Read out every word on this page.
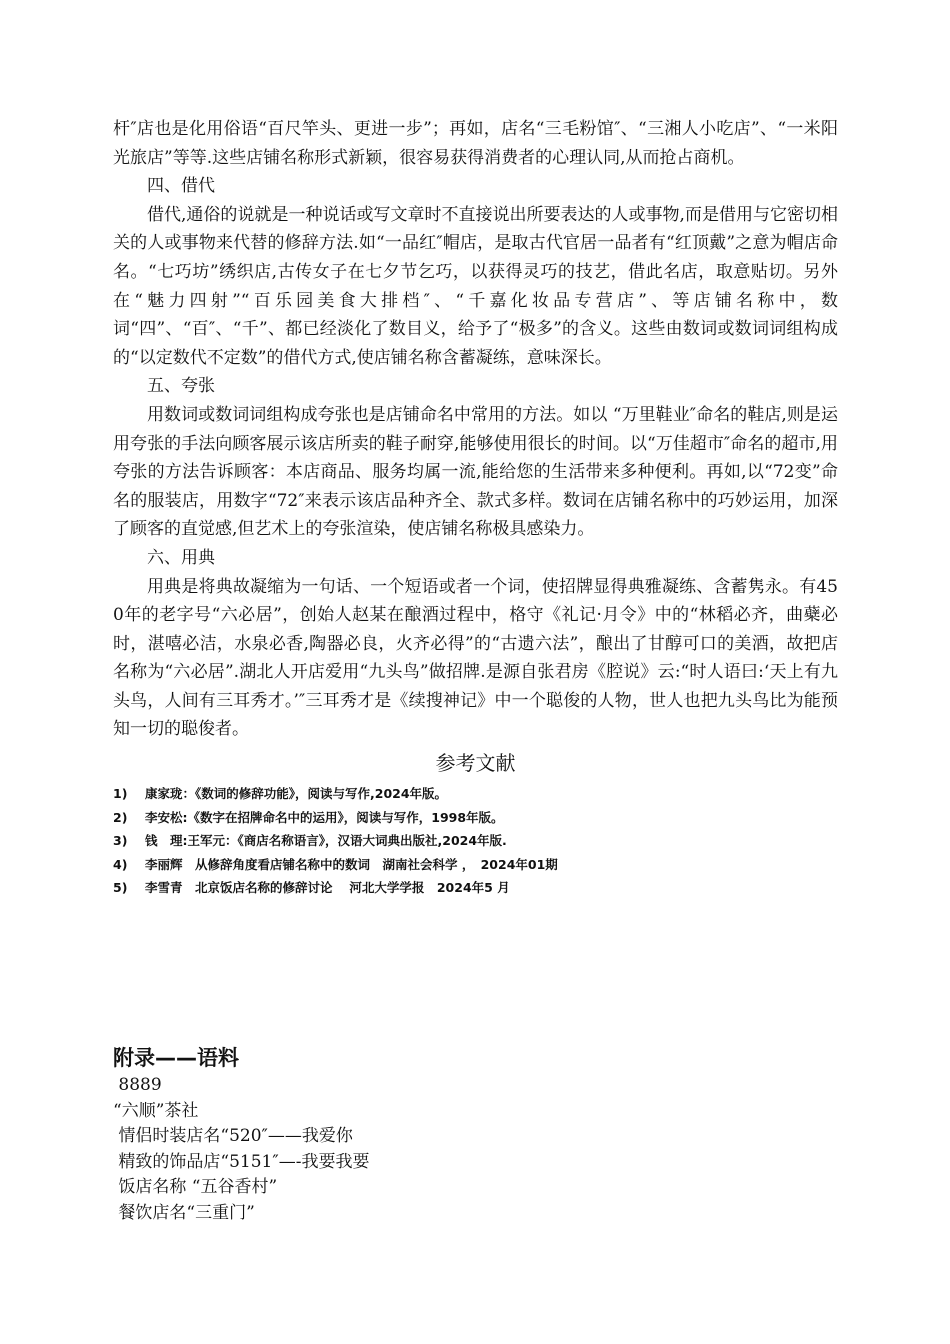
杆″店也是化用俗语“百尺竿头、更进一步”；再如，店名“三毛粉馆″、“三湘人小吃店”、“一米阳光旅店”等等.这些店铺名称形式新颖，很容易获得消费者的心理认同,从而抢占商机。

四、借代

借代,通俗的说就是一种说话或写文章时不直接说出所要表达的人或事物,而是借用与它密切相关的人或事物来代替的修辞方法.如“一品红″帽店，是取古代官居一品者有“红顶戴”之意为帽店命名。“七巧坊”绣织店,古传女子在七夕节乞巧，以获得灵巧的技艺，借此名店，取意贴切。另外在“魅力四射”“百乐园美食大排档″、“千嘉化妆品专营店”、等店铺名称中，数词“四”、“百″、“千”、都已经淡化了数目义，给予了“极多”的含义。这些由数词或数词词组构成的“以定数代不定数”的借代方式,使店铺名称含蓄凝练，意味深长。

五、夸张

用数词或数词词组构成夸张也是店铺命名中常用的方法。如以 “万里鞋业″命名的鞋店,则是运用夸张的手法向顾客展示该店所卖的鞋子耐穿,能够使用很长的时间。以“万佳超市″命名的超市,用夸张的方法告诉顾客：本店商品、服务均属一流,能给您的生活带来多种便利。再如,以“72变”命名的服装店，用数字“72″来表示该店品种齐全、款式多样。数词在店铺名称中的巧妙运用，加深了顾客的直觉感,但艺术上的夸张渲染，使店铺名称极具感染力。

六、用典

用典是将典故凝缩为一句话、一个短语或者一个词，使招牌显得典雅凝练、含蓄隽永。有450年的老字号“六必居”，创始人赵某在酿酒过程中，格守《礼记·月令》中的“林稻必齐，曲蘗必时，湛嘻必洁，水泉必香,陶器必良，火齐必得”的“古遗六法”，酿出了甘醇可口的美酒，故把店名称为“六必居”.湖北人开店爱用“九头鸟”做招牌.是源自张君房《腔说》云:“时人语曰:‘天上有九头鸟，人间有三耳秀才。’″三耳秀才是《续搜神记》中一个聪俊的人物，世人也把九头鸟比为能预知一切的聪俊者。

参考文献

1)	康家珑：《数词的修辞功能》，阅读与写作,2024年版。
2)	李安松:《数字在招牌命名中的运用》，阅读与写作，1998年版。
3)	钱　理:王军元：《商店名称语言》，汉语大词典出版社,2024年版.
4)	李丽辉　从修辞角度看店铺名称中的数词　湖南社会科学 ，　2024年01期
5)	李雪青　北京饭店名称的修辞讨论　 河北大学学报　2024年5 月

附录——语料

8889

“六顺”茶社

情侣时装店名“520″——我爱你

精致的饰品店“5151″—-我要我要

饭店名称 “五谷香村”

餐饮店名“三重门”
